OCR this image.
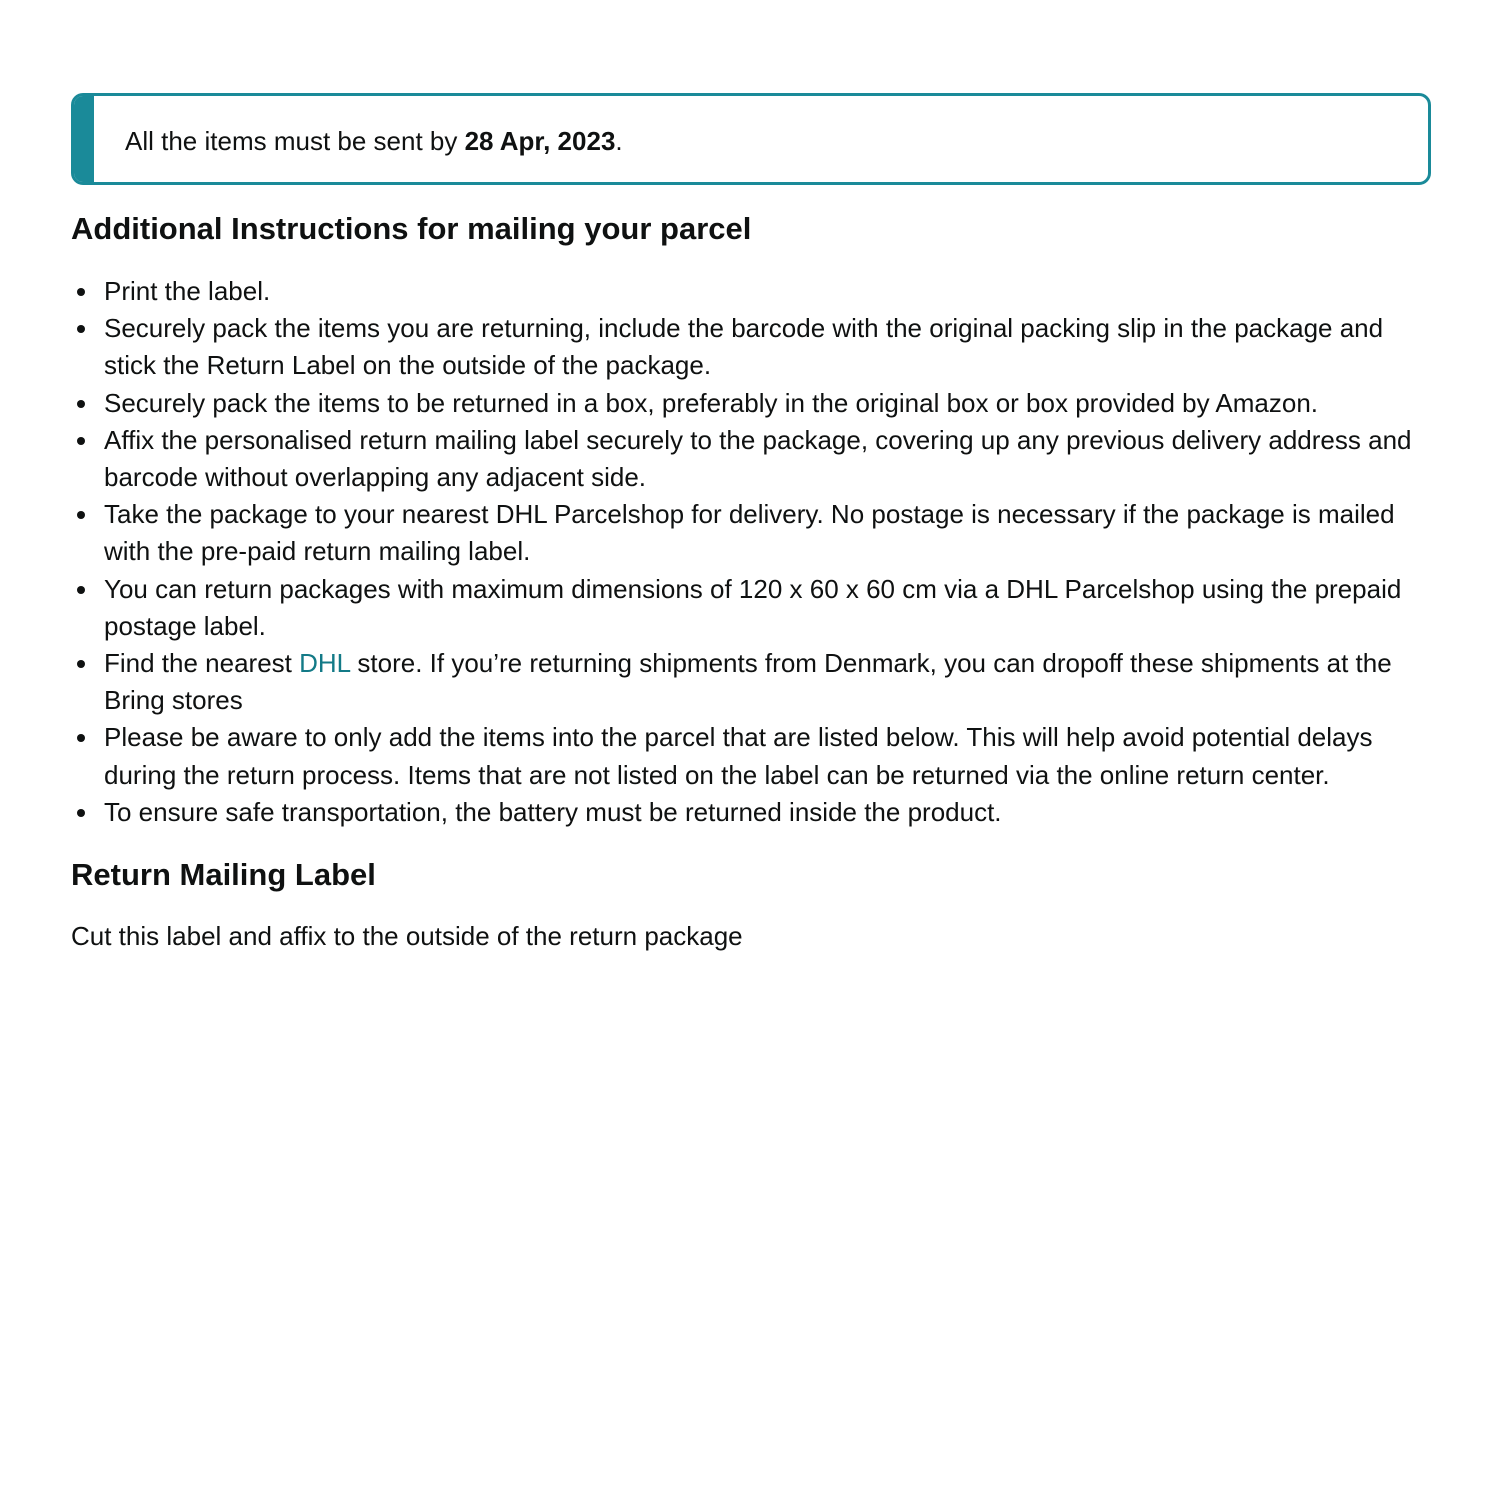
All the items must be sent by 28 Apr, 2023.
Additional Instructions for mailing your parcel
Print the label.
Securely pack the items you are returning, include the barcode with the original packing slip in the package and stick the Return Label on the outside of the package.
Securely pack the items to be returned in a box, preferably in the original box or box provided by Amazon.
Affix the personalised return mailing label securely to the package, covering up any previous delivery address and barcode without overlapping any adjacent side.
Take the package to your nearest DHL Parcelshop for delivery. No postage is necessary if the package is mailed with the pre-paid return mailing label.
You can return packages with maximum dimensions of 120 x 60 x 60 cm via a DHL Parcelshop using the prepaid postage label.
Find the nearest DHL store. If you’re returning shipments from Denmark, you can dropoff these shipments at the Bring stores
Please be aware to only add the items into the parcel that are listed below. This will help avoid potential delays during the return process. Items that are not listed on the label can be returned via the online return center.
To ensure safe transportation, the battery must be returned inside the product.
Return Mailing Label

Cut this label and affix to the outside of the return package
